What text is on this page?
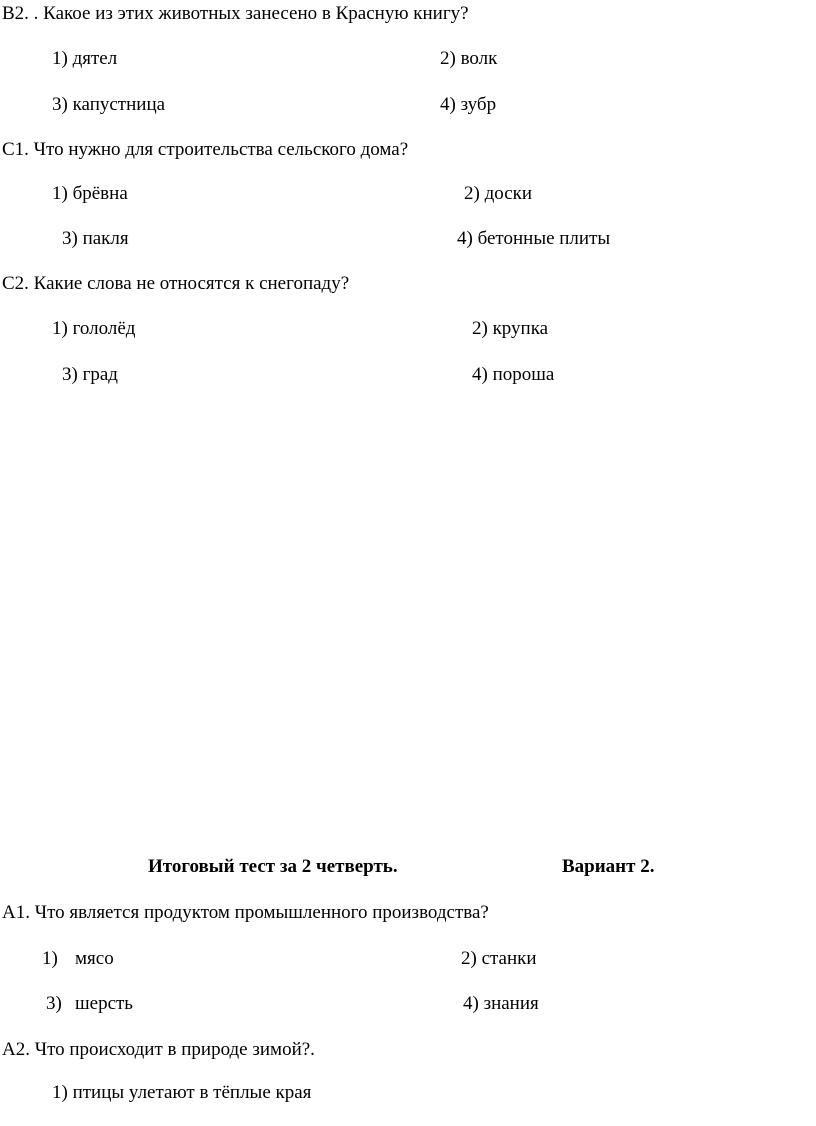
В2. . Какое из этих животных занесено в Красную книгу?
1) дятел	2) волк
3) капустница	4) зубр
С1. Что нужно для строительства сельского дома?
1) брёвна	2) доски
3) пакля	4) бетонные плиты
С2. Какие слова не относятся к снегопаду?
1) гололёд	2) крупка
3) град	4) пороша
Итоговый тест за 2 четверть.	Вариант 2.
А1. Что является продуктом промышленного производства?
1) мясо	2) станки
3) шерсть	4) знания
А2. Что происходит в природе зимой?.
1) птицы улетают в тёплые края
